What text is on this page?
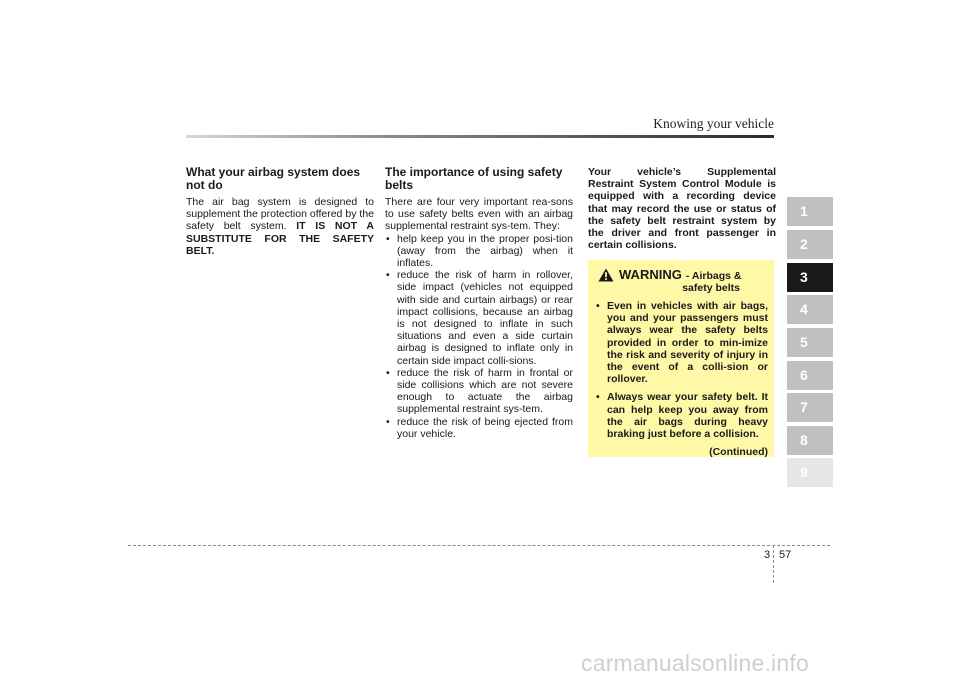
Knowing your vehicle
What your airbag system does not do

The air bag system is designed to supplement the protection offered by the safety belt system. IT IS NOT A SUBSTITUTE FOR THE SAFETY BELT.

The importance of using safety belts

There are four very important rea-sons to use safety belts even with an airbag supplemental restraint sys-tem. They:

• help keep you in the proper posi-tion (away from the airbag) when it inflates.
• reduce the risk of harm in rollover, side impact (vehicles not equipped with side and curtain airbags) or rear impact collisions, because an airbag is not designed to inflate in such situations and even a side curtain airbag is designed to inflate only in certain side impact colli-sions.
• reduce the risk of harm in frontal or side collisions which are not severe enough to actuate the airbag supplemental restraint sys-tem.
• reduce the risk of being ejected from your vehicle.

Your vehicle’s Supplemental Restraint System Control Module is equipped with a recording device that may record the use or status of the safety belt restraint system by the driver and front passenger in certain collisions.

WARNING - Airbags &
safety belts
• Even in vehicles with air bags, you and your passengers must always wear the safety belts provided in order to min-imize the risk and severity of injury in the event of a colli-sion or rollover.
• Always wear your safety belt. It can help keep you away from the air bags during heavy braking just before a collision.
(Continued)
1
2
3
4
5
6
7
8
9
3 57
carmanualsonline.info
